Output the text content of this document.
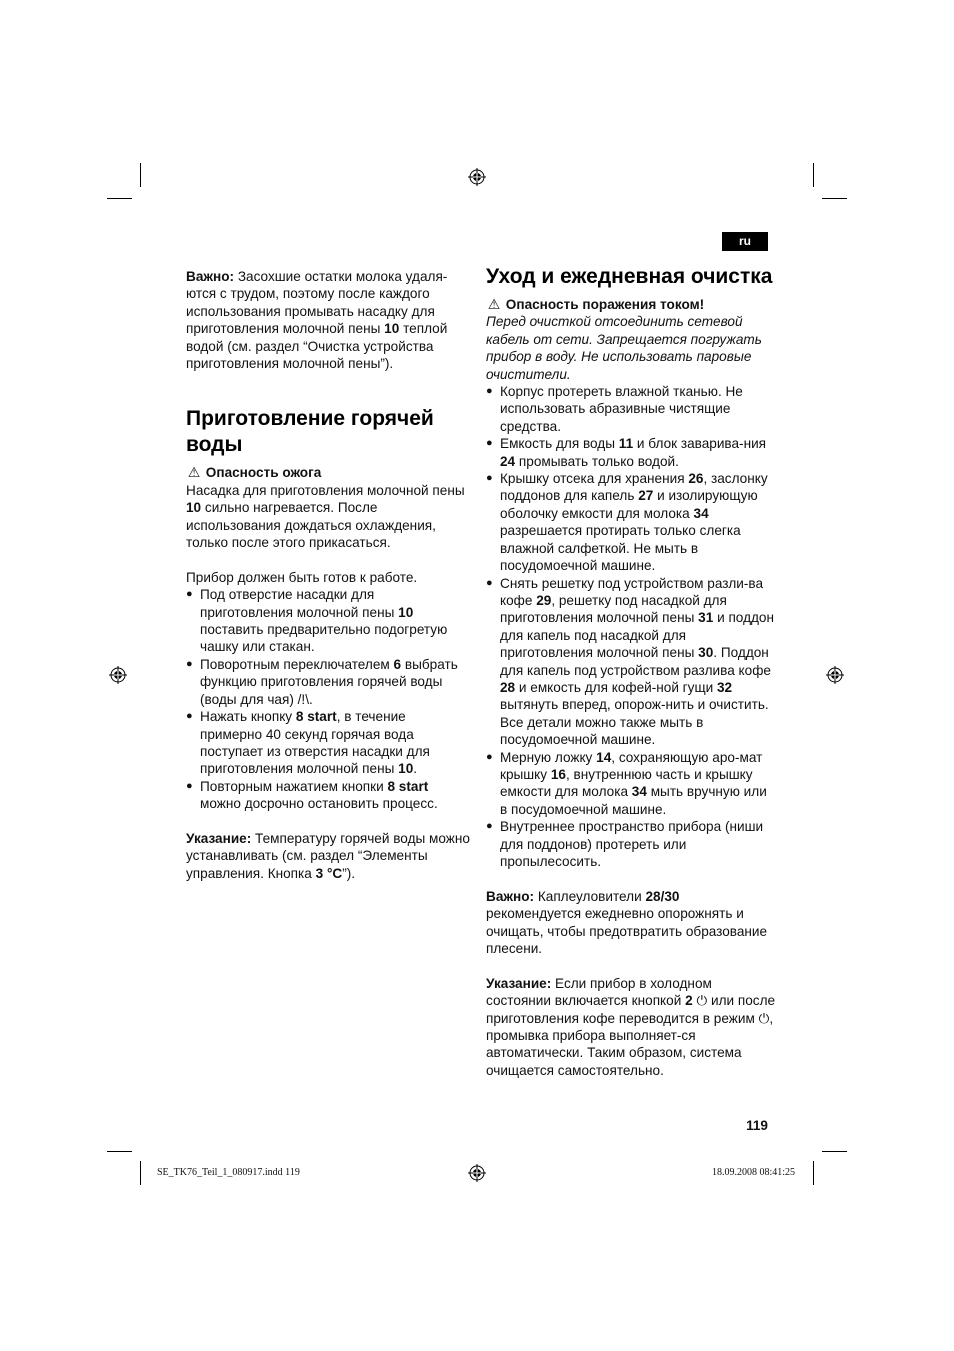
ru

Важно: Засохшие остатки молока удаля-ются с трудом, поэтому после каждого использования промывать насадку для приготовления молочной пены 10 теплой водой (см. раздел “Очистка устройства приготовления молочной пены”).

Приготовление горячей воды

⚠ Опасность ожога

Насадка для приготовления молочной пены 10 сильно нагревается. После использования дождаться охлаждения, только после этого прикасаться.

Прибор должен быть готов к работе.

● Под отверстие насадки для приготовления молочной пены 10 поставить предварительно подогретую чашку или стакан.
● Поворотным переключателем 6 выбрать функцию приготовления горячей воды (воды для чая) /!\.
● Нажать кнопку 8 start, в течение примерно 40 секунд горячая вода поступает из отверстия насадки для приготовления молочной пены 10.
● Повторным нажатием кнопки 8 start можно досрочно остановить процесс.

Указание: Температуру горячей воды можно устанавливать (см. раздел “Элементы управления. Кнопка 3 °C”).

Уход и ежедневная очистка

⚠ Опасность поражения током!

Перед очисткой отсоединить сетевой кабель от сети. Запрещается погружать прибор в воду. Не использовать паровые очистители.

● Корпус протереть влажной тканью. Не использовать абразивные чистящие средства.
● Емкость для воды 11 и блок заварива-ния 24 промывать только водой.
● Крышку отсека для хранения 26, заслонку поддонов для капель 27 и изолирующую оболочку емкости для молока 34 разрешается протирать только слегка влажной салфеткой. Не мыть в посудомоечной машине.
● Снять решетку под устройством разли-ва кофе 29, решетку под насадкой для приготовления молочной пены 31 и поддон для капель под насадкой для приготовления молочной пены 30. Поддон для капель под устройством разлива кофе 28 и емкость для кофей-ной гущи 32 вытянуть вперед, опорож-нить и очистить. Все детали можно также мыть в посудомоечной машине.
● Мерную ложку 14, сохраняющую аро-мат крышку 16, внутреннюю часть и крышку емкости для молока 34 мыть вручную или в посудомоечной машине.
● Внутреннее пространство прибора (ниши для поддонов) протереть или пропылесосить.

Важно: Каплеуловители 28/30 рекомендуется ежедневно опорожнять и очищать, чтобы предотвратить образование плесени.

Указание: Если прибор в холодном состоянии включается кнопкой 2 ⏻ или после приготовления кофе переводится в режим ⏻, промывка прибора выполняет-ся автоматически. Таким образом, система очищается самостоятельно.

119
SE_TK76_Teil_1_080917.indd 119	18.09.2008 08:41:25
